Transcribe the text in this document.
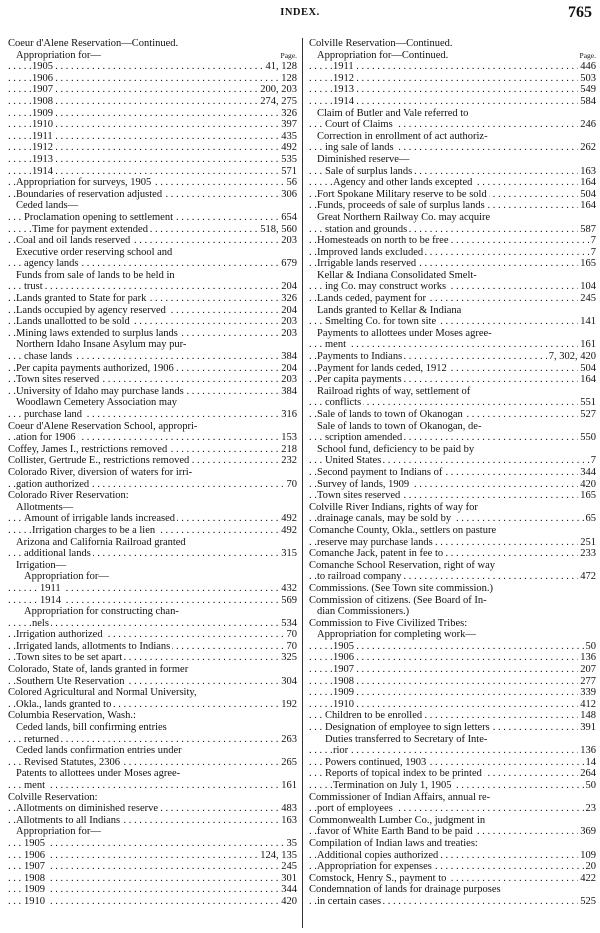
INDEX.	765
Coeur d'Alene Reservation—Continued.
Appropriation for—	Page.
1905	41, 128
. . .
1906	128
. . .
1907	200, 203
. . .
1908	274, 275
. . .
1909	326
. . .
1910	397
. . .
1911	435
. . .
1912	492
. . .
1913	535
. . .
1914	571
. . .
Appropriation for surveys, 1905	56
. . .
Boundaries of reservation adjusted	306
. . .
Ceded lands—
Proclamation opening to settlement	654
. . .
Time for payment extended	518, 560
. . .
Coal and oil lands reserved	203
. . .
Executive order reserving school and
agency lands	679
. . .
Funds from sale of lands to be held in
trust	204
. . .
Lands granted to State for park	326
. . .
Lands occupied by agency reserved	204
. . .
Lands unallotted to be sold	203
. . .
Mining laws extended to surplus lands	203
. . .
Northern Idaho Insane Asylum may pur-
chase lands	384
. . .
Per capita payments authorized, 1906	204
. . .
Town sites reserved	203
. . .
University of Idaho may purchase lands	384
. . .
Woodlawn Cemetery Association may
purchase land	316
. . .
Coeur d'Alene Reservation School, appropri-
ation for 1906	153
. . .
Coffey, James I., restrictions removed	218
. . .
Collister, Gertrude E., restrictions removed	232
. . .
Colorado River, diversion of waters for irri-
gation authorized	70
. . .
Colorado River Reservation:
Allotments—
Amount of irrigable lands increased	492
. . .
Irrigation charges to be a lien	492
. . .
Arizona and California Railroad granted
additional lands	315
. . .
Irrigation—
Appropriation for—
1911	432
. . .
1914	569
. . .
Appropriation for constructing chan-
nels	534
. . .
Irrigation authorized	70
. . .
Irrigated lands, allotments to Indians	70
. . .
Town sites to be set apart	325
. . .
Colorado, State of, lands granted in former
Southern Ute Reservation	304
. . .
Colored Agricultural and Normal University,
Okla., lands granted to	192
. . .
Columbia Reservation, Wash.:
Ceded lands, bill confirming entries
returned	263
. . .
Ceded lands confirmation entries under
Revised Statutes, 2306	265
. . .
Patents to allottees under Moses agree-
ment	161
. . .
Colville Reservation:
Allotments on diminished reserve	483
. . .
Allotments to all Indians	163
. . .
Appropriation for—
1905	35
. . .
1906	124, 135
. . .
1907	245
. . .
1908	301
. . .
1909	344
. . .
1910	420
. . .
Colville Reservation—Continued.
Appropriation for—Continued.	Page.
1911	446
. . .
1912	503
. . .
1913	549
. . .
1914	584
. . .
Claim of Butler and Vale referred to
Court of Claims	246
. . .
Correction in enrollment of act authoriz-
ing sale of lands	262
. . .
Diminished reserve—
Sale of surplus lands	163
. . .
Agency and other lands excepted	164
. . .
Fort Spokane Military reserve to be sold	504
. . .
Funds, proceeds of sale of surplus lands	164
. . .
Great Northern Railway Co. may acquire
station and grounds	587
. . .
Homesteads on north to be free	7
. . .
Improved lands excluded	7
. . .
Irrigable lands reserved	165
. . .
Kellar & Indiana Consolidated Smelt-
ing Co. may construct works	104
. . .
Lands ceded, payment for	245
. . .
Lands granted to Kellar & Indiana
Smelting Co. for town site	141
. . .
Payments to allottees under Moses agree-
ment	161
. . .
Payments to Indians	7, 302, 420
. . .
Payment for lands ceded, 1912	504
. . .
Per capita payments	164
. . .
Railroad rights of way, settlement of
conflicts	551
. . .
Sale of lands to town of Okanogan	527
. . .
Sale of lands to town of Okanogan, de-
scription amended	550
. . .
School fund, deficiency to be paid by
United States	7
. . .
Second payment to Indians of	344
. . .
Survey of lands, 1909	420
. . .
Town sites reserved	165
. . .
Colville River Indians, rights of way for
drainage canals, may be sold by	65
. . .
Comanche County, Okla., settlers on pasture
reserve may purchase lands	251
. . .
Comanche Jack, patent in fee to	233
. . .
Comanche School Reservation, right of way
to railroad company	472
. . .
Commissions. (See Town site commission.)
Commission of citizens. (See Board of In-
dian Commissioners.)
Commission to Five Civilized Tribes:
Appropriation for completing work—
1905	50
. . .
1906	136
. . .
1907	207
. . .
1908	277
. . .
1909	339
. . .
1910	412
. . .
Children to be enrolled	148
. . .
Designation of employee to sign letters	391
. . .
Duties transferred to Secretary of Inte-
rior	136
. . .
Powers continued, 1903	14
. . .
Reports of topical index to be printed	264
. . .
Termination on July 1, 1905	50
. . .
Commissioner of Indian Affairs, annual re-
port of employees	23
. . .
Commonwealth Lumber Co., judgment in
favor of White Earth Band to be paid	369
. . .
Compilation of Indian laws and treaties:
Additional copies authorized	109
. . .
Appropriation for expenses	20
. . .
Comstock, Henry S., payment to	422
. . .
Condemnation of lands for drainage purposes
in certain cases	525
. . .
